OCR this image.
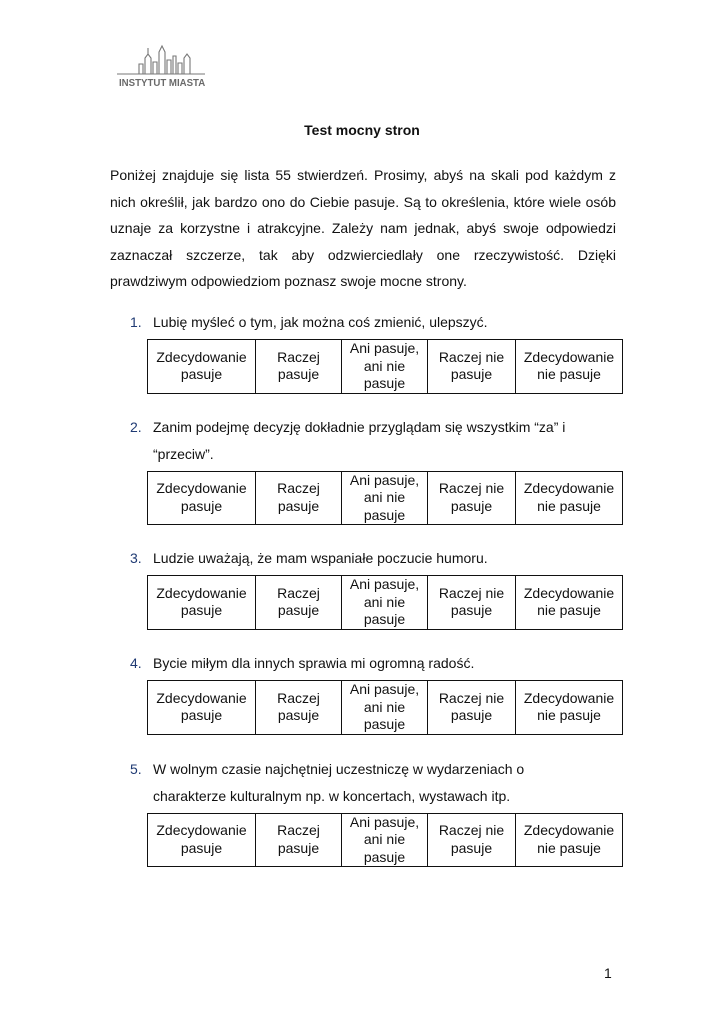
INSTYTUT MIASTA
Test mocny stron

Poniżej znajduje się lista 55 stwierdzeń. Prosimy, abyś na skali pod każdym z nich określił, jak bardzo ono do Ciebie pasuje. Są to określenia, które wiele osób uznaje za korzystne i atrakcyjne. Zależy nam jednak, abyś swoje odpowiedzi zaznaczał szczerze, tak aby odzwierciedlały one rzeczywistość. Dzięki prawdziwym odpowiedziom poznasz swoje mocne strony.

1. Lubię myśleć o tym, jak można coś zmienić, ulepszyć.
Zdecydowanie
pasuje

Raczej
pasuje

Ani pasuje,
ani nie
pasuje

Raczej nie
pasuje

Zdecydowanie
nie pasuje
2. Zanim podejmę decyzję dokładnie przyglądam się wszystkim “za” i
“przeciw”.
Zdecydowanie
pasuje

Raczej
pasuje

Ani pasuje,
ani nie
pasuje

Raczej nie
pasuje

Zdecydowanie
nie pasuje
3. Ludzie uważają, że mam wspaniałe poczucie humoru.
Zdecydowanie
pasuje

Raczej
pasuje

Ani pasuje,
ani nie
pasuje

Raczej nie
pasuje

Zdecydowanie
nie pasuje
4. Bycie miłym dla innych sprawia mi ogromną radość.
Zdecydowanie
pasuje

Raczej
pasuje

Ani pasuje,
ani nie
pasuje

Raczej nie
pasuje

Zdecydowanie
nie pasuje
5. W wolnym czasie najchętniej uczestniczę w wydarzeniach o
charakterze kulturalnym np. w koncertach, wystawach itp.
Zdecydowanie
pasuje

Raczej
pasuje

Ani pasuje,
ani nie
pasuje

Raczej nie
pasuje

Zdecydowanie
nie pasuje
1
